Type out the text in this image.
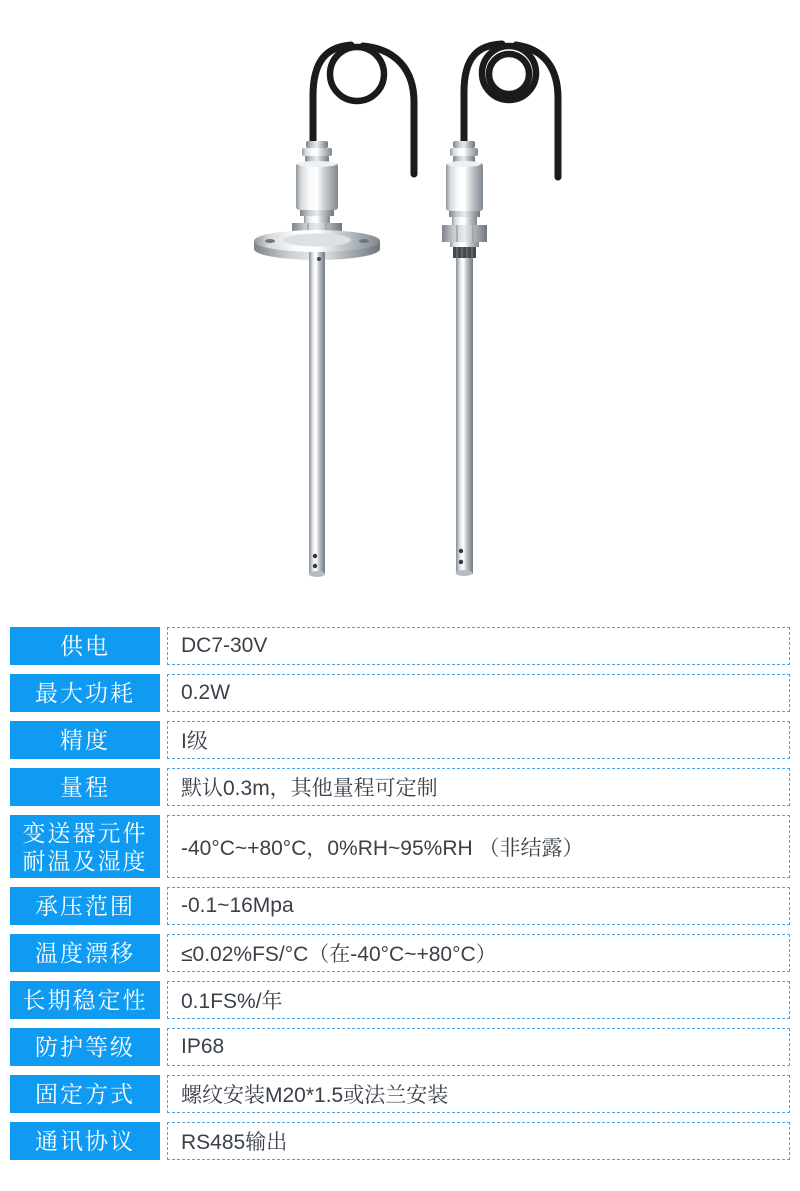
供电	DC7-30V
最大功耗 0.2W
精度	I级
量程	默认0.3m，其他量程可定制
变送器元件
耐温及湿度 -40°C~+80°C，0%RH~95%RH （非结露）
承压范围 -0.1~16Mpa
温度漂移 ≤0.02%FS/°C（在-40°C~+80°C）
长期稳定性 0.1FS%/年
防护等级 IP68
固定方式 螺纹安装M20*1.5或法兰安装
通讯协议 RS485输出
